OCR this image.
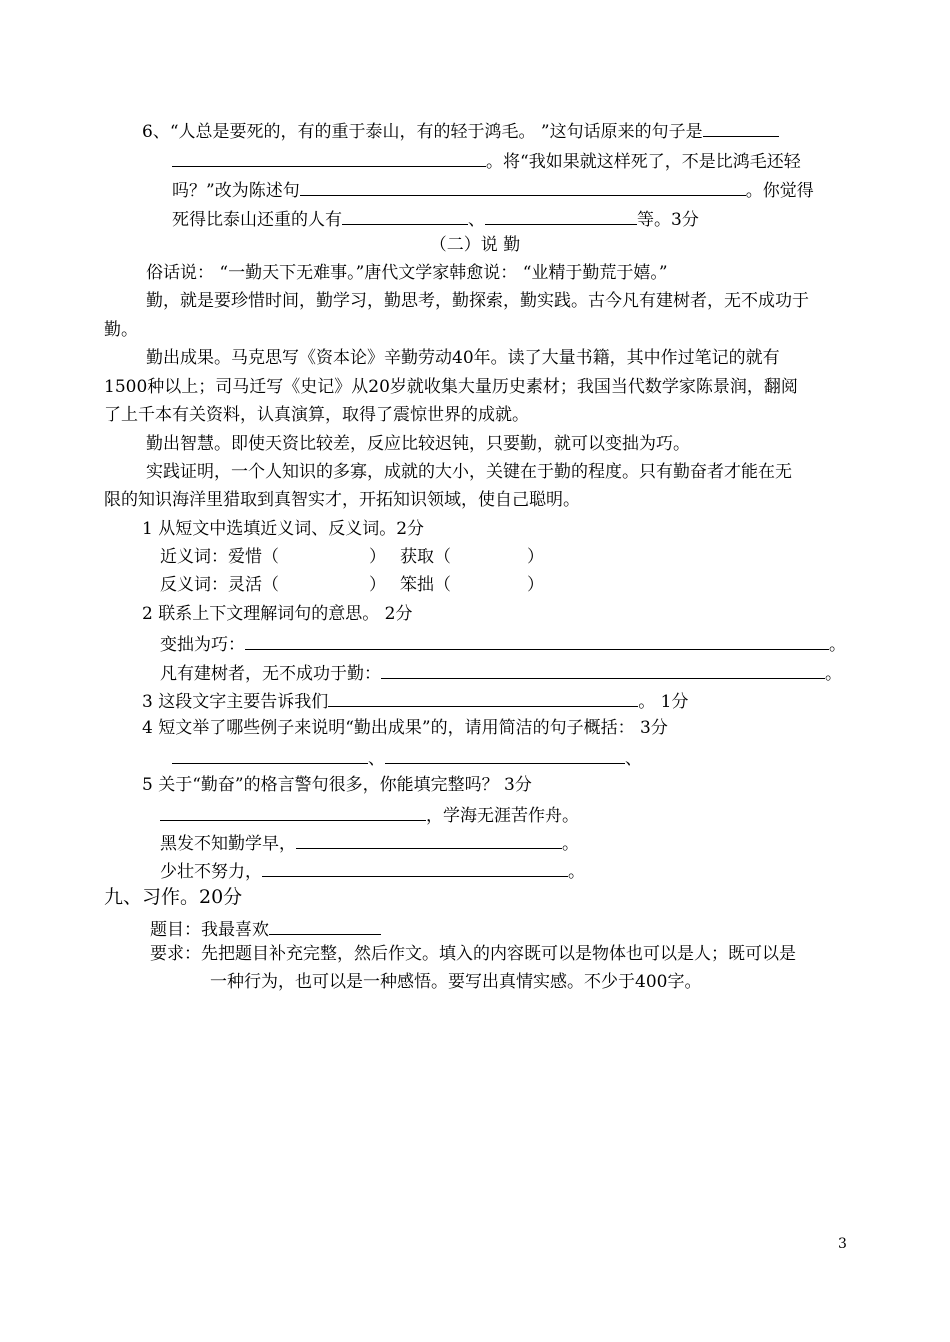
6、“人总是要死的，有的重于泰山，有的轻于鸿毛。 ”这句话原来的句子是
。将“我如果就这样死了，不是比鸿毛还轻
吗？”改为陈述句	。你觉得
死得比泰山还重的人有	、	等。3分
（二）说 勤
俗话说： “一勤天下无难事。”唐代文学家韩愈说： “业精于勤荒于嬉。”
勤，就是要珍惜时间，勤学习，勤思考，勤探索，勤实践。古今凡有建树者，无不成功于
勤。
勤出成果。马克思写《资本论》辛勤劳动40年。读了大量书籍，其中作过笔记的就有
1500种以上；司马迁写《史记》从20岁就收集大量历史素材；我国当代数学家陈景润，翻阅
了上千本有关资料，认真演算，取得了震惊世界的成就。
勤出智慧。即使天资比较差，反应比较迟钝，只要勤，就可以变拙为巧。
实践证明，一个人知识的多寡，成就的大小，关键在于勤的程度。只有勤奋者才能在无
限的知识海洋里猎取到真智实才，开拓知识领域，使自己聪明。
1 从短文中选填近义词、反义词。2分
近义词：爱惜（	） 获取（	）
反义词：灵活（	） 笨拙（	）
2 联系上下文理解词句的意思。 2分
变拙为巧：	。
凡有建树者，无不成功于勤：	。
3 这段文字主要告诉我们	。 1分
4 短文举了哪些例子来说明“勤出成果”的，请用简洁的句子概括： 3分
、	、
5 关于“勤奋”的格言警句很多，你能填完整吗？ 3分
，学海无涯苦作舟。
黑发不知勤学早，	。
少壮不努力，	。
九、习作。20分
题目：我最喜欢
要求：先把题目补充完整，然后作文。填入的内容既可以是物体也可以是人；既可以是
一种行为，也可以是一种感悟。要写出真情实感。不少于400字。
3
